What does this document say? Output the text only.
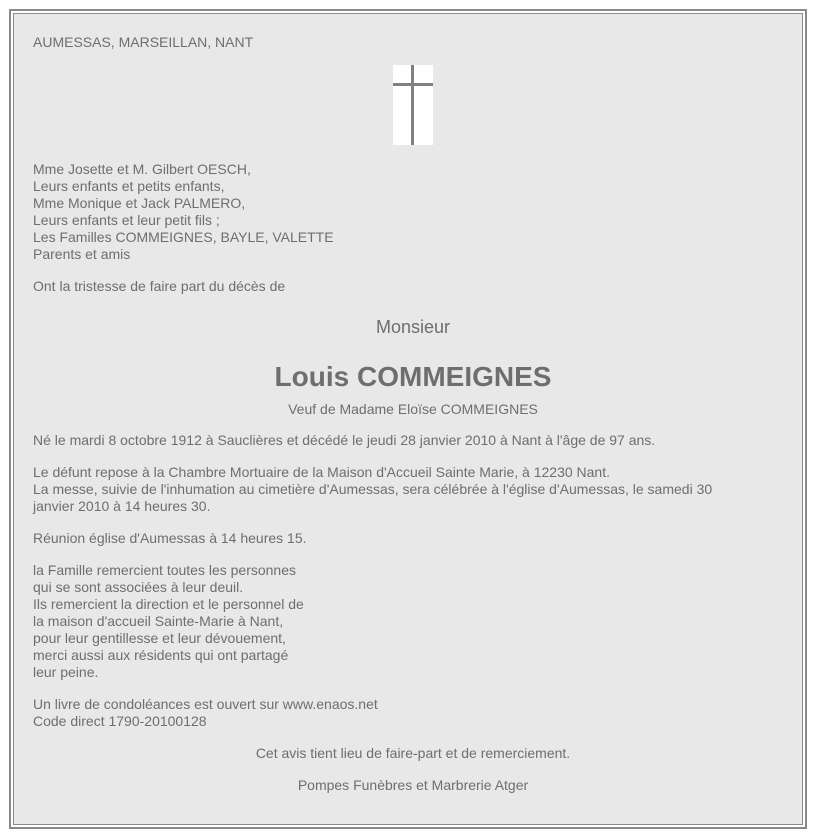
AUMESSAS, MARSEILLAN, NANT

Mme Josette et M. Gilbert OESCH,
Leurs enfants et petits enfants,
Mme Monique et Jack PALMERO,
Leurs enfants et leur petit fils ;
Les Familles COMMEIGNES, BAYLE, VALETTE
Parents et amis

Ont la tristesse de faire part du décès de

Monsieur

Louis COMMEIGNES

Veuf de Madame Eloïse COMMEIGNES

Né le mardi 8 octobre 1912 à Sauclières et décédé le jeudi 28 janvier 2010 à Nant à l'âge de 97 ans.

Le défunt repose à la Chambre Mortuaire de la Maison d'Accueil Sainte Marie, à 12230 Nant.
La messe, suivie de l'inhumation au cimetière d'Aumessas, sera célébrée à l'église d'Aumessas, le samedi 30
janvier 2010 à 14 heures 30.

Réunion église d'Aumessas à 14 heures 15.

la Famille remercient toutes les personnes
qui se sont associées à leur deuil.
Ils remercient la direction et le personnel de
la maison d'accueil Sainte-Marie à Nant,
pour leur gentillesse et leur dévouement,
merci aussi aux résidents qui ont partagé
leur peine.
Un livre de condoléances est ouvert sur www.enaos.net
Code direct 1790-20100128

Cet avis tient lieu de faire-part et de remerciement.

Pompes Funèbres et Marbrerie Atger
